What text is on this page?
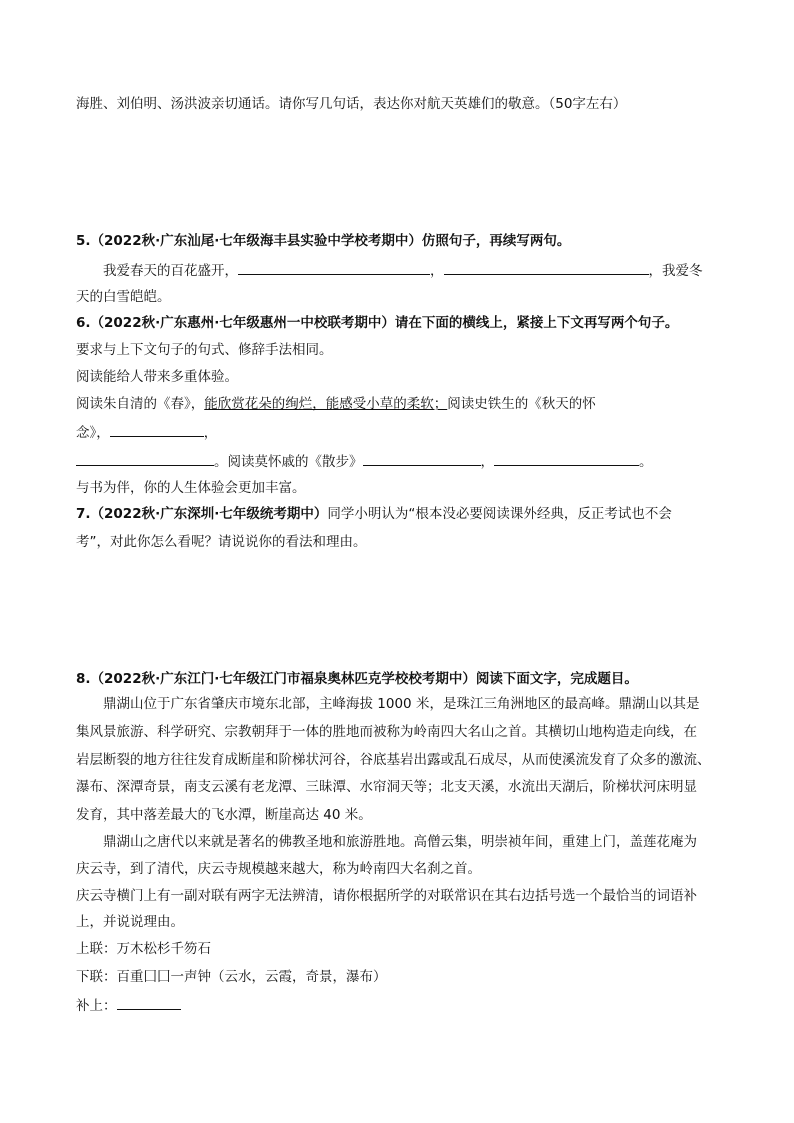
海胜、刘伯明、汤洪波亲切通话。请你写几句话，表达你对航天英雄们的敬意。（50字左右）
5.（2022秋·广东汕尾·七年级海丰县实验中学校考期中）仿照句子，再续写两句。
我爱春天的百花盛开，	，	，我爱冬
天的白雪皑皑。
6.（2022秋·广东惠州·七年级惠州一中校联考期中）请在下面的横线上，紧接上下文再写两个句子。
要求与上下文句子的句式、修辞手法相同。
阅读能给人带来多重体验。
阅读朱自清的《春》，能欣赏花朵的绚烂，能感受小草的柔软；阅读史铁生的《秋天的怀
念》，	，
。阅读莫怀戚的《散步》	，	。
与书为伴，你的人生体验会更加丰富。
7.（2022秋·广东深圳·七年级统考期中）同学小明认为“根本没必要阅读课外经典，反正考试也不会
考”，对此你怎么看呢？请说说你的看法和理由。
8.（2022秋·广东江门·七年级江门市福泉奥林匹克学校校考期中）阅读下面文字，完成题目。
鼎湖山位于广东省肇庆市境东北部，主峰海拔 1000 米，是珠江三角洲地区的最高峰。鼎湖山以其是
集风景旅游、科学研究、宗教朝拜于一体的胜地而被称为岭南四大名山之首。其横切山地构造走向线，在
岩层断裂的地方往往发育成断崖和阶梯状河谷，谷底基岩出露或乱石成尽，从而使溪流发育了众多的激流、
瀑布、深潭奇景，南支云溪有老龙潭、三昧潭、水帘洞天等；北支天溪，水流出天湖后，阶梯状河床明显
发育，其中落差最大的飞水潭，断崖高达 40 米。
鼎湖山之唐代以来就是著名的佛教圣地和旅游胜地。高僧云集，明崇祯年间，重建上门，盖莲花庵为
庆云寺，到了清代，庆云寺规模越来越大，称为岭南四大名刹之首。
庆云寺横门上有一副对联有两字无法辨清，请你根据所学的对联常识在其右边括号选一个最恰当的词语补
上，并说说理由。
上联：万木松杉千笏石
下联：百重囗囗一声钟（云水，云霞，奇景，瀑布）
补上：
